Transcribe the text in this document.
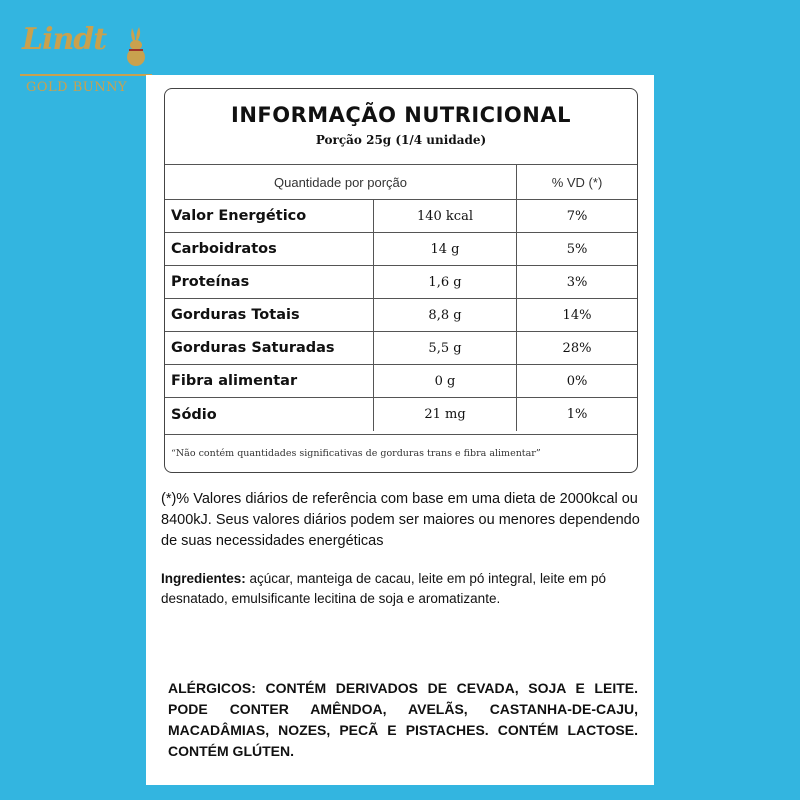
Lindt
GOLD BUNNY
INFORMAÇÃO NUTRICIONAL
Porção 25g (1/4 unidade)
Quantidade por porção	% VD (*)
Valor Energético	140 kcal	7%
Carboidratos	14 g	5%
Proteínas	1,6 g	3%
Gorduras Totais	8,8 g	14%
Gorduras Saturadas	5,5 g	28%
Fibra alimentar	0 g	0%
Sódio	21 mg	1%
“Não contém quantidades significativas de gorduras trans e fibra alimentar”
(*)% Valores diários de referência com base em uma dieta de 2000kcal ou 8400kJ. Seus valores diários podem ser maiores ou menores dependendo de suas necessidades energéticas
Ingredientes: açúcar, manteiga de cacau, leite em pó integral, leite em pó desnatado, emulsificante lecitina de soja e aromatizante.
ALÉRGICOS: CONTÉM DERIVADOS DE CEVADA, SOJA E LEITE. PODE CONTER AMÊNDOA, AVELÃS, CASTANHA-DE-CAJU, MACADÂMIAS, NOZES, PECÃ E PISTACHES. CONTÉM LACTOSE. CONTÉM GLÚTEN.
